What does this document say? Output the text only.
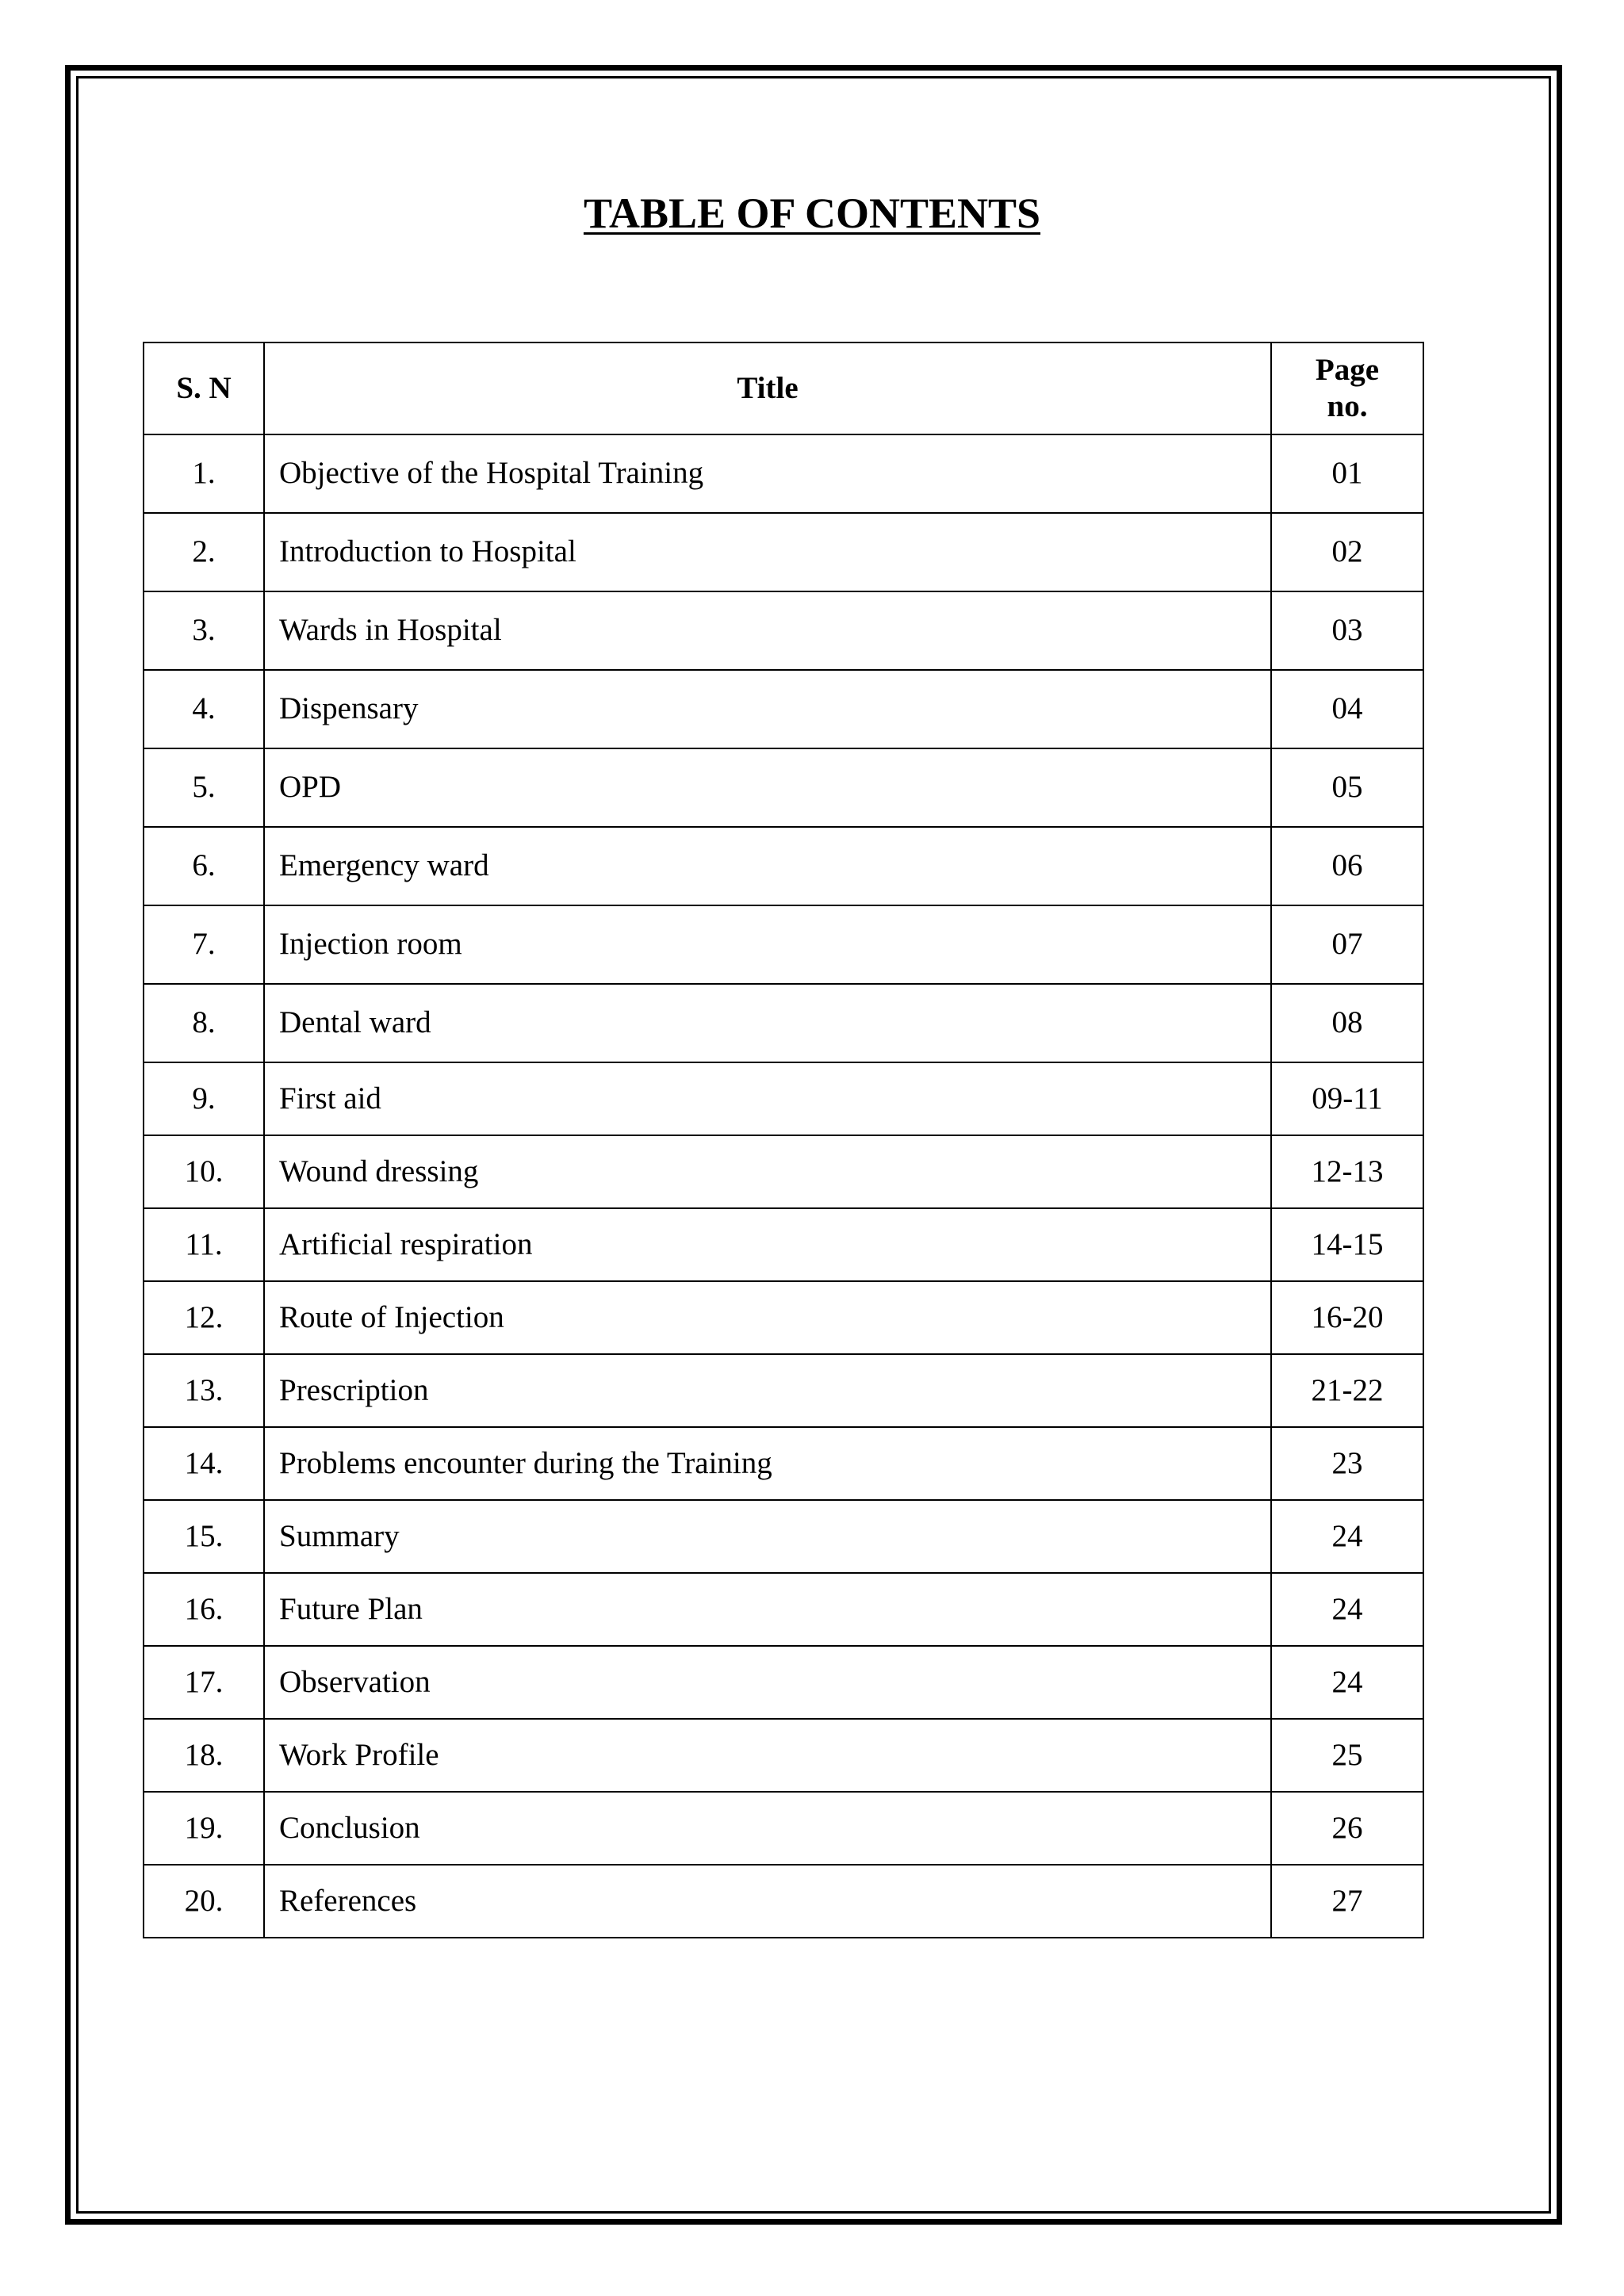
TABLE OF CONTENTS
S. N	Title	Page
no.
1.	Objective of the Hospital Training	01
2.	Introduction to Hospital	02
3.	Wards in Hospital	03
4.	Dispensary	04
5.	OPD	05
6.	Emergency ward	06
7.	Injection room	07
8.	Dental ward	08
9.	First aid	09-11
10.	Wound dressing	12-13
11.	Artificial respiration	14-15
12.	Route of Injection	16-20
13.	Prescription	21-22
14.	Problems encounter during the Training	23
15.	Summary	24
16.	Future Plan	24
17.	Observation	24
18.	Work Profile	25
19.	Conclusion	26
20.	References	27
